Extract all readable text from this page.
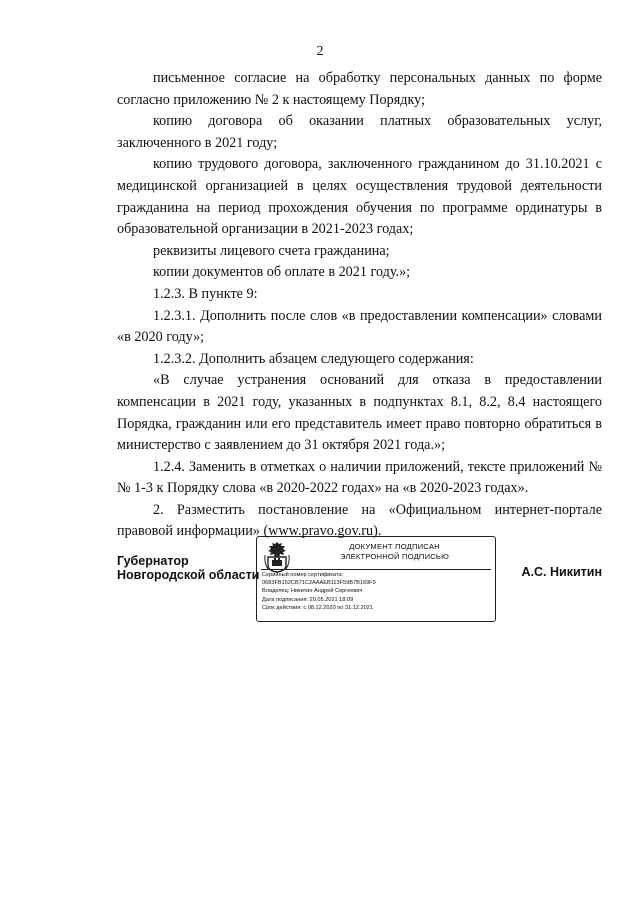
2

письменное согласие на обработку персональных данных по форме согласно приложению № 2 к настоящему Порядку;

копию договора об оказании платных образовательных услуг, заключенного в 2021 году;

копию трудового договора, заключенного гражданином до 31.10.2021 с медицинской организацией в целях осуществления трудовой деятельности гражданина на период прохождения обучения по программе ординатуры в образовательной организации в 2021-2023 годах;

реквизиты лицевого счета гражданина;

копии документов об оплате в 2021 году.»;

1.2.3. В пункте 9:

1.2.3.1. Дополнить после слов «в предоставлении компенсации» словами «в 2020 году»;

1.2.3.2. Дополнить абзацем следующего содержания:

«В случае устранения оснований для отказа в предоставлении компенсации в 2021 году, указанных в подпунктах 8.1, 8.2, 8.4 настоящего Порядка, гражданин или его представитель имеет право повторно обратиться в министерство с заявлением до 31 октября 2021 года.»;

1.2.4. Заменить в отметках о наличии приложений, тексте приложений №№ 1-3 к Порядку слова «в 2020-2022 годах» на «в 2020-2023 годах».

2. Разместить постановление на «Официальном интернет-портале правовой информации» (www.pravo.gov.ru).

Губернатор
Новгородской области
ДОКУМЕНТ ПОДПИСАН
ЭЛЕКТРОННОЙ ПОДПИСЬЮ
Серийный номер сертификата:
0683FB152CB71C2AAAEB113F59B7B169F9
Владелец: Никитин Андрей Сергеевич
Дата подписания: 20.05.2021 18:09
Срок действия: с 08.12.2020 по 31.12.2021
А.С. Никитин
